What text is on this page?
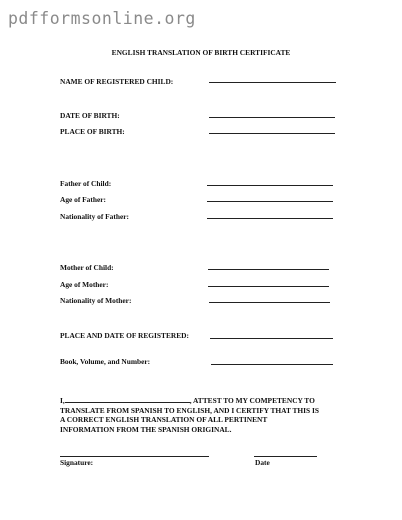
pdfformsonline.org
ENGLISH TRANSLATION OF BIRTH CERTIFICATE
NAME OF REGISTERED CHILD:
DATE OF BIRTH:
PLACE OF BIRTH:
Father of Child:
Age of Father:
Nationality of Father:
Mother of Child:
Age of Mother:
Nationality of Mother:
PLACE AND DATE OF REGISTERED:
Book, Volume, and Number:
I,	, ATTEST TO MY COMPETENCY TO
TRANSLATE FROM SPANISH TO ENGLISH, AND I CERTIFY THAT THIS IS
A CORRECT ENGLISH TRANSLATION OF ALL PERTINENT
INFORMATION FROM THE SPANISH ORIGINAL.
Signature:	Date
